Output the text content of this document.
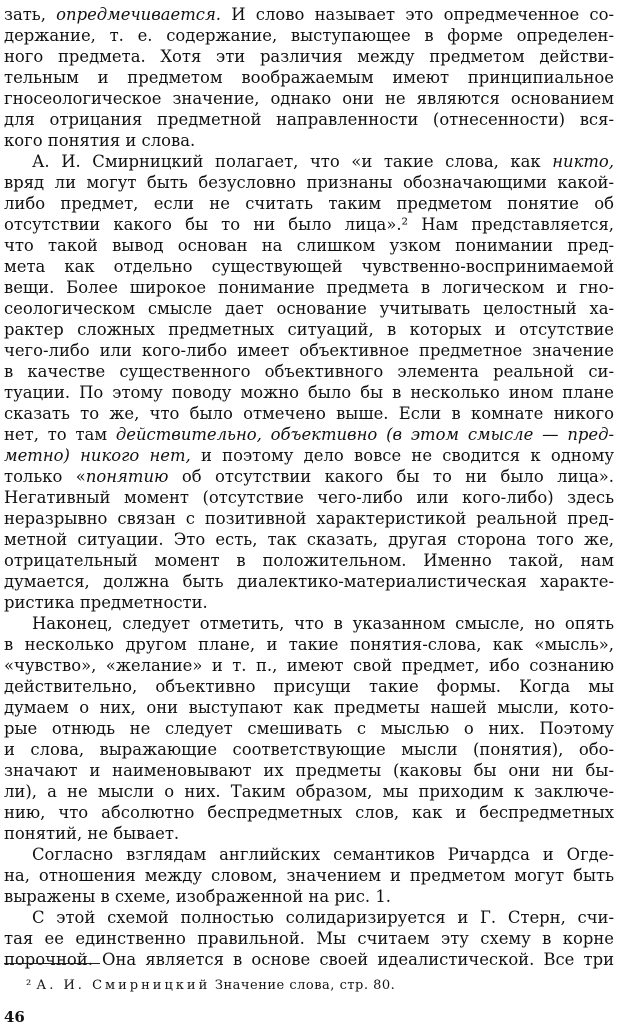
зать, опредмечивается. И слово называет это опредмеченное со-
держание, т. е. содержание, выступающее в форме определен-
ного предмета. Хотя эти различия между предметом действи-
тельным и предметом воображаемым имеют принципиальное
гносеологическое значение, однако они не являются основанием
для отрицания предметной направленности (отнесенности) вся-
кого понятия и слова.
А. И. Смирницкий полагает, что «и такие слова, как никто,
вряд ли могут быть безусловно признаны обозначающими какой-
либо предмет, если не считать таким предметом понятие об
отсутствии какого бы то ни было лица».² Нам представляется,
что такой вывод основан на слишком узком понимании пред-
мета как отдельно существующей чувственно-воспринимаемой
вещи. Более широкое понимание предмета в логическом и гно-
сеологическом смысле дает основание учитывать целостный ха-
рактер сложных предметных ситуаций, в которых и отсутствие
чего-либо или кого-либо имеет объективное предметное значение
в качестве существенного объективного элемента реальной си-
туации. По этому поводу можно было бы в несколько ином плане
сказать то же, что было отмечено выше. Если в комнате никого
нет, то там действительно, объективно (в этом смысле — пред-
метно) никого нет, и поэтому дело вовсе не сводится к одному
только «понятию об отсутствии какого бы то ни было лица».
Негативный момент (отсутствие чего-либо или кого-либо) здесь
неразрывно связан с позитивной характеристикой реальной пред-
метной ситуации. Это есть, так сказать, другая сторона того же,
отрицательный момент в положительном. Именно такой, нам
думается, должна быть диалектико-материалистическая характе-
ристика предметности.
Наконец, следует отметить, что в указанном смысле, но опять
в несколько другом плане, и такие понятия-слова, как «мысль»,
«чувство», «желание» и т. п., имеют свой предмет, ибо сознанию
действительно, объективно присущи такие формы. Когда мы
думаем о них, они выступают как предметы нашей мысли, кото-
рые отнюдь не следует смешивать с мыслью о них. Поэтому
и слова, выражающие соответствующие мысли (понятия), обо-
значают и наименовывают их предметы (каковы бы они ни бы-
ли), а не мысли о них. Таким образом, мы приходим к заключе-
нию, что абсолютно беспредметных слов, как и беспредметных
понятий, не бывает.
Согласно взглядам английских семантиков Ричардса и Огде-
на, отношения между словом, значением и предметом могут быть
выражены в схеме, изображенной на рис. 1.
С этой схемой полностью солидаризируется и Г. Стерн, счи-
тая ее единственно правильной. Мы считаем эту схему в корне
порочной. Она является в основе своей идеалистической. Все три
² А. И. Смирницкий Значение слова, стр. 80.
46
